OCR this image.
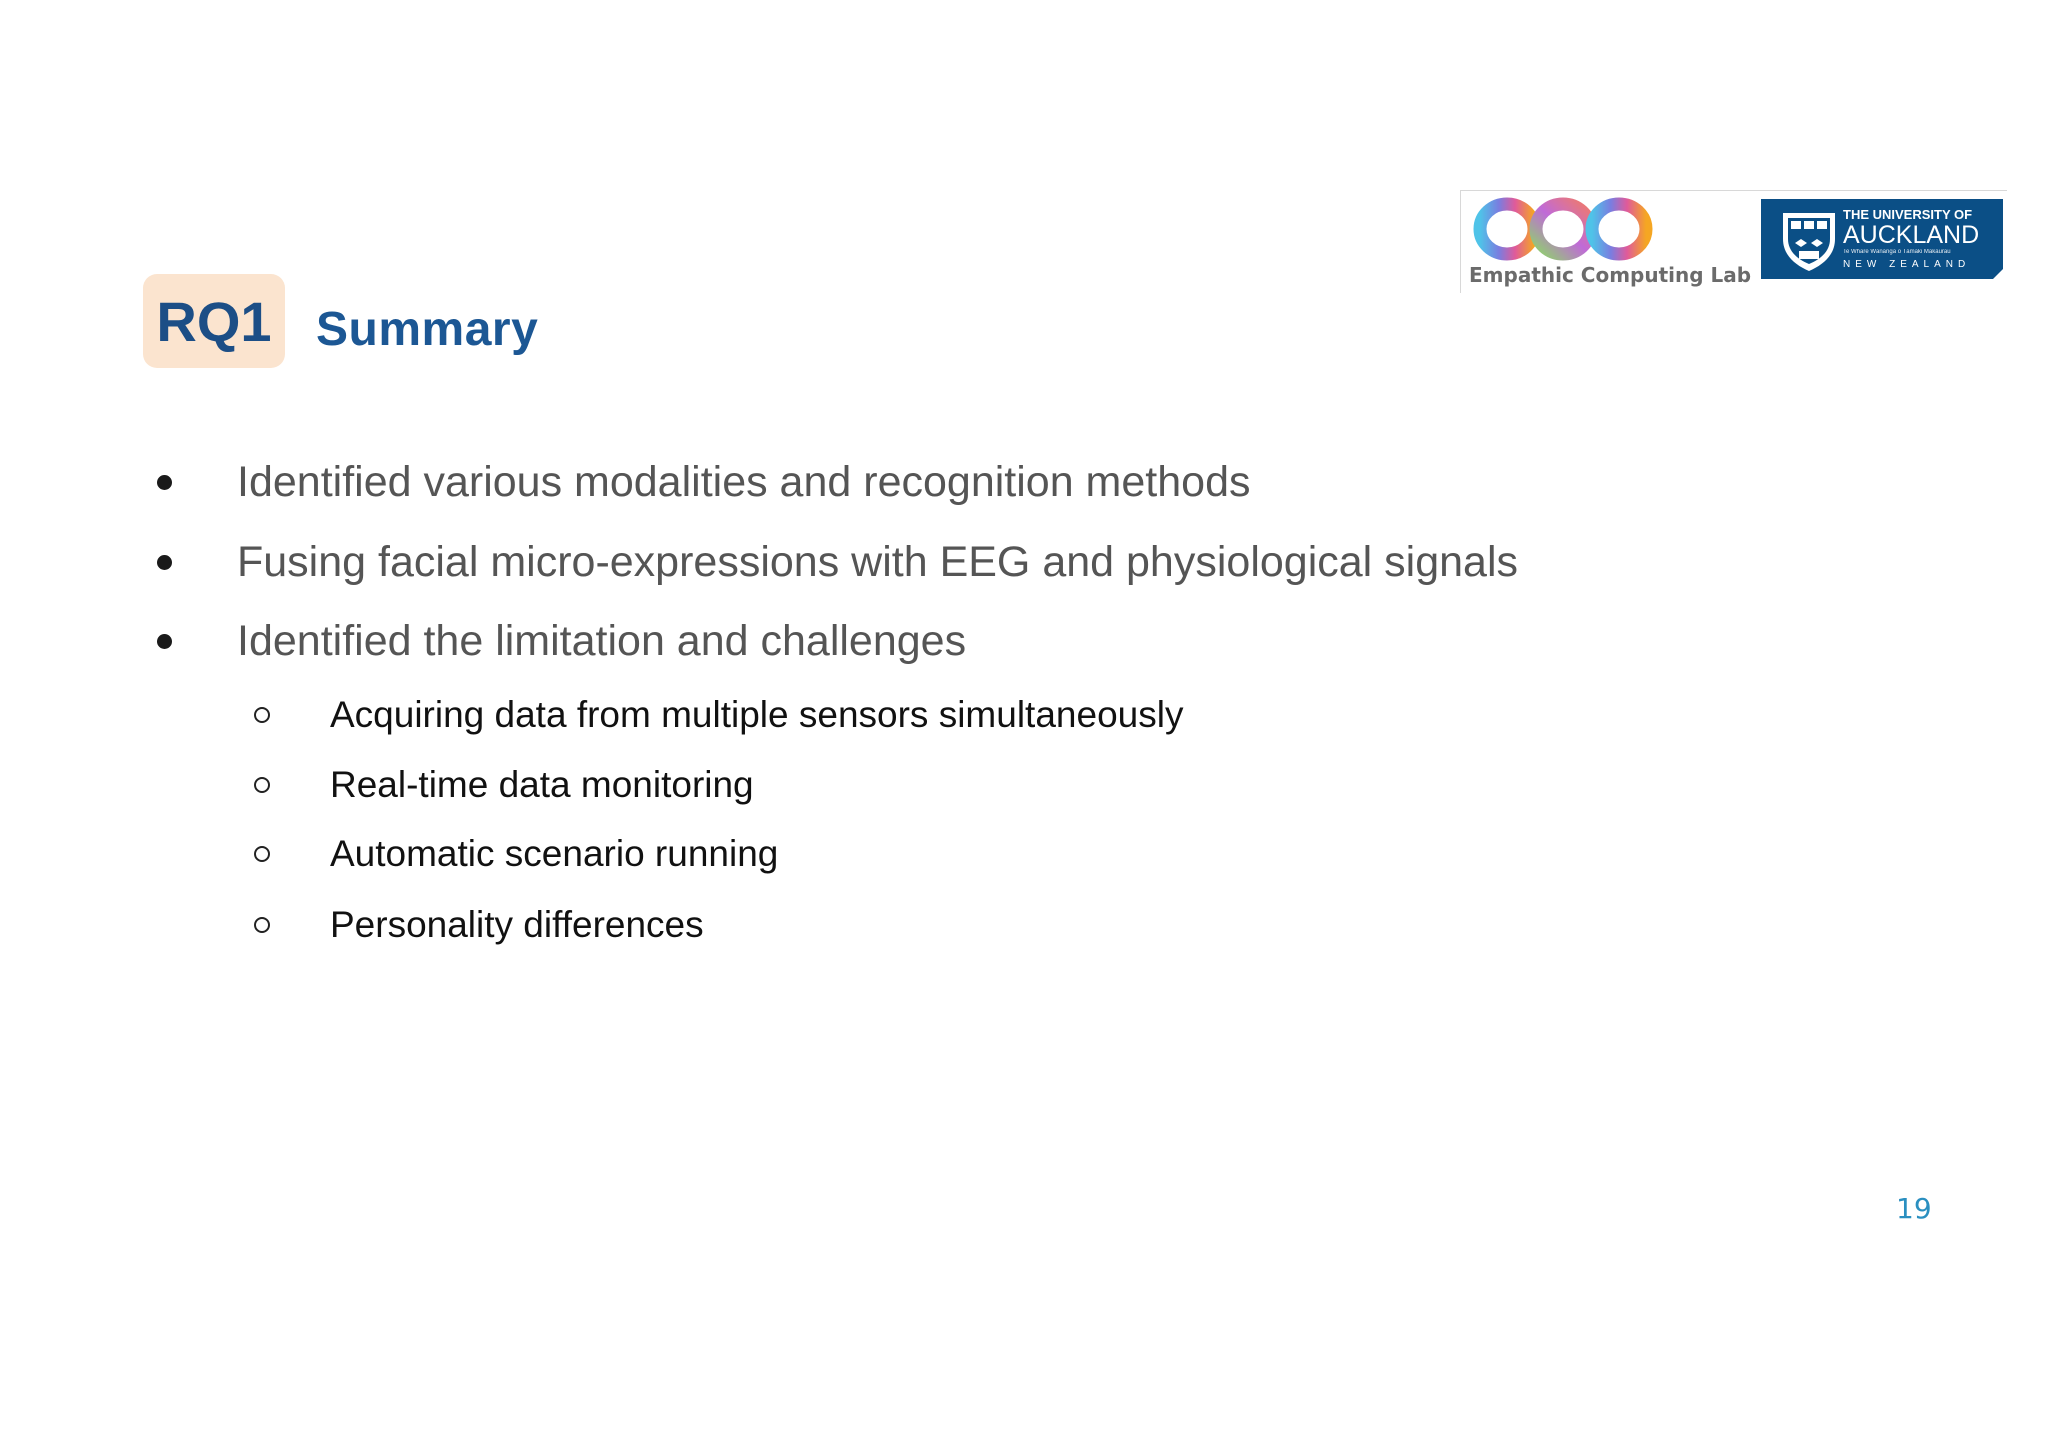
RQ1 Summary
Empathic Computing Lab
THE UNIVERSITY OF
AUCKLAND
Te Whare Wānanga o Tāmaki Makaurau
NEW ZEALAND
Identified various modalities and recognition methods
Fusing facial micro-expressions with EEG and physiological signals
Identified the limitation and challenges
Acquiring data from multiple sensors simultaneously
Real-time data monitoring
Automatic scenario running
Personality differences
19
